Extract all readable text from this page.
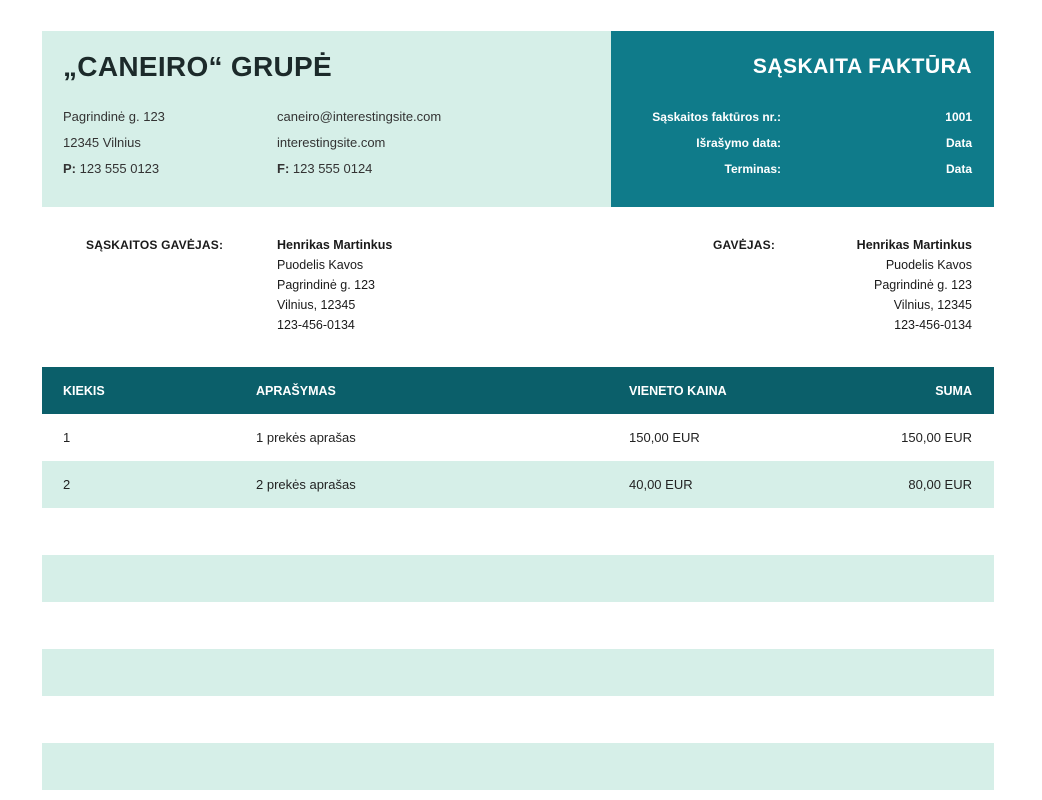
„CANEIRO“ GRUPĖ
Pagrindinė g. 123
12345 Vilnius
P: 123 555 0123
caneiro@interestingsite.com
interestingsite.com
F: 123 555 0124
SĄSKAITA FAKTŪRA
Sąskaitos faktūros nr.:	1001
Išrašymo data:	Data
Terminas:	Data
SĄSKAITOS GAVĖJAS:	Henrikas Martinkus
Puodelis Kavos
Pagrindinė g. 123
Vilnius, 12345
123-456-0134
GAVĖJAS:	Henrikas Martinkus
Puodelis Kavos
Pagrindinė g. 123
Vilnius, 12345
123-456-0134
KIEKIS	APRAŠYMAS	VIENETO KAINA	SUMA
1	1 prekės aprašas	150,00 EUR	150,00 EUR
2	2 prekės aprašas	40,00 EUR	80,00 EUR
